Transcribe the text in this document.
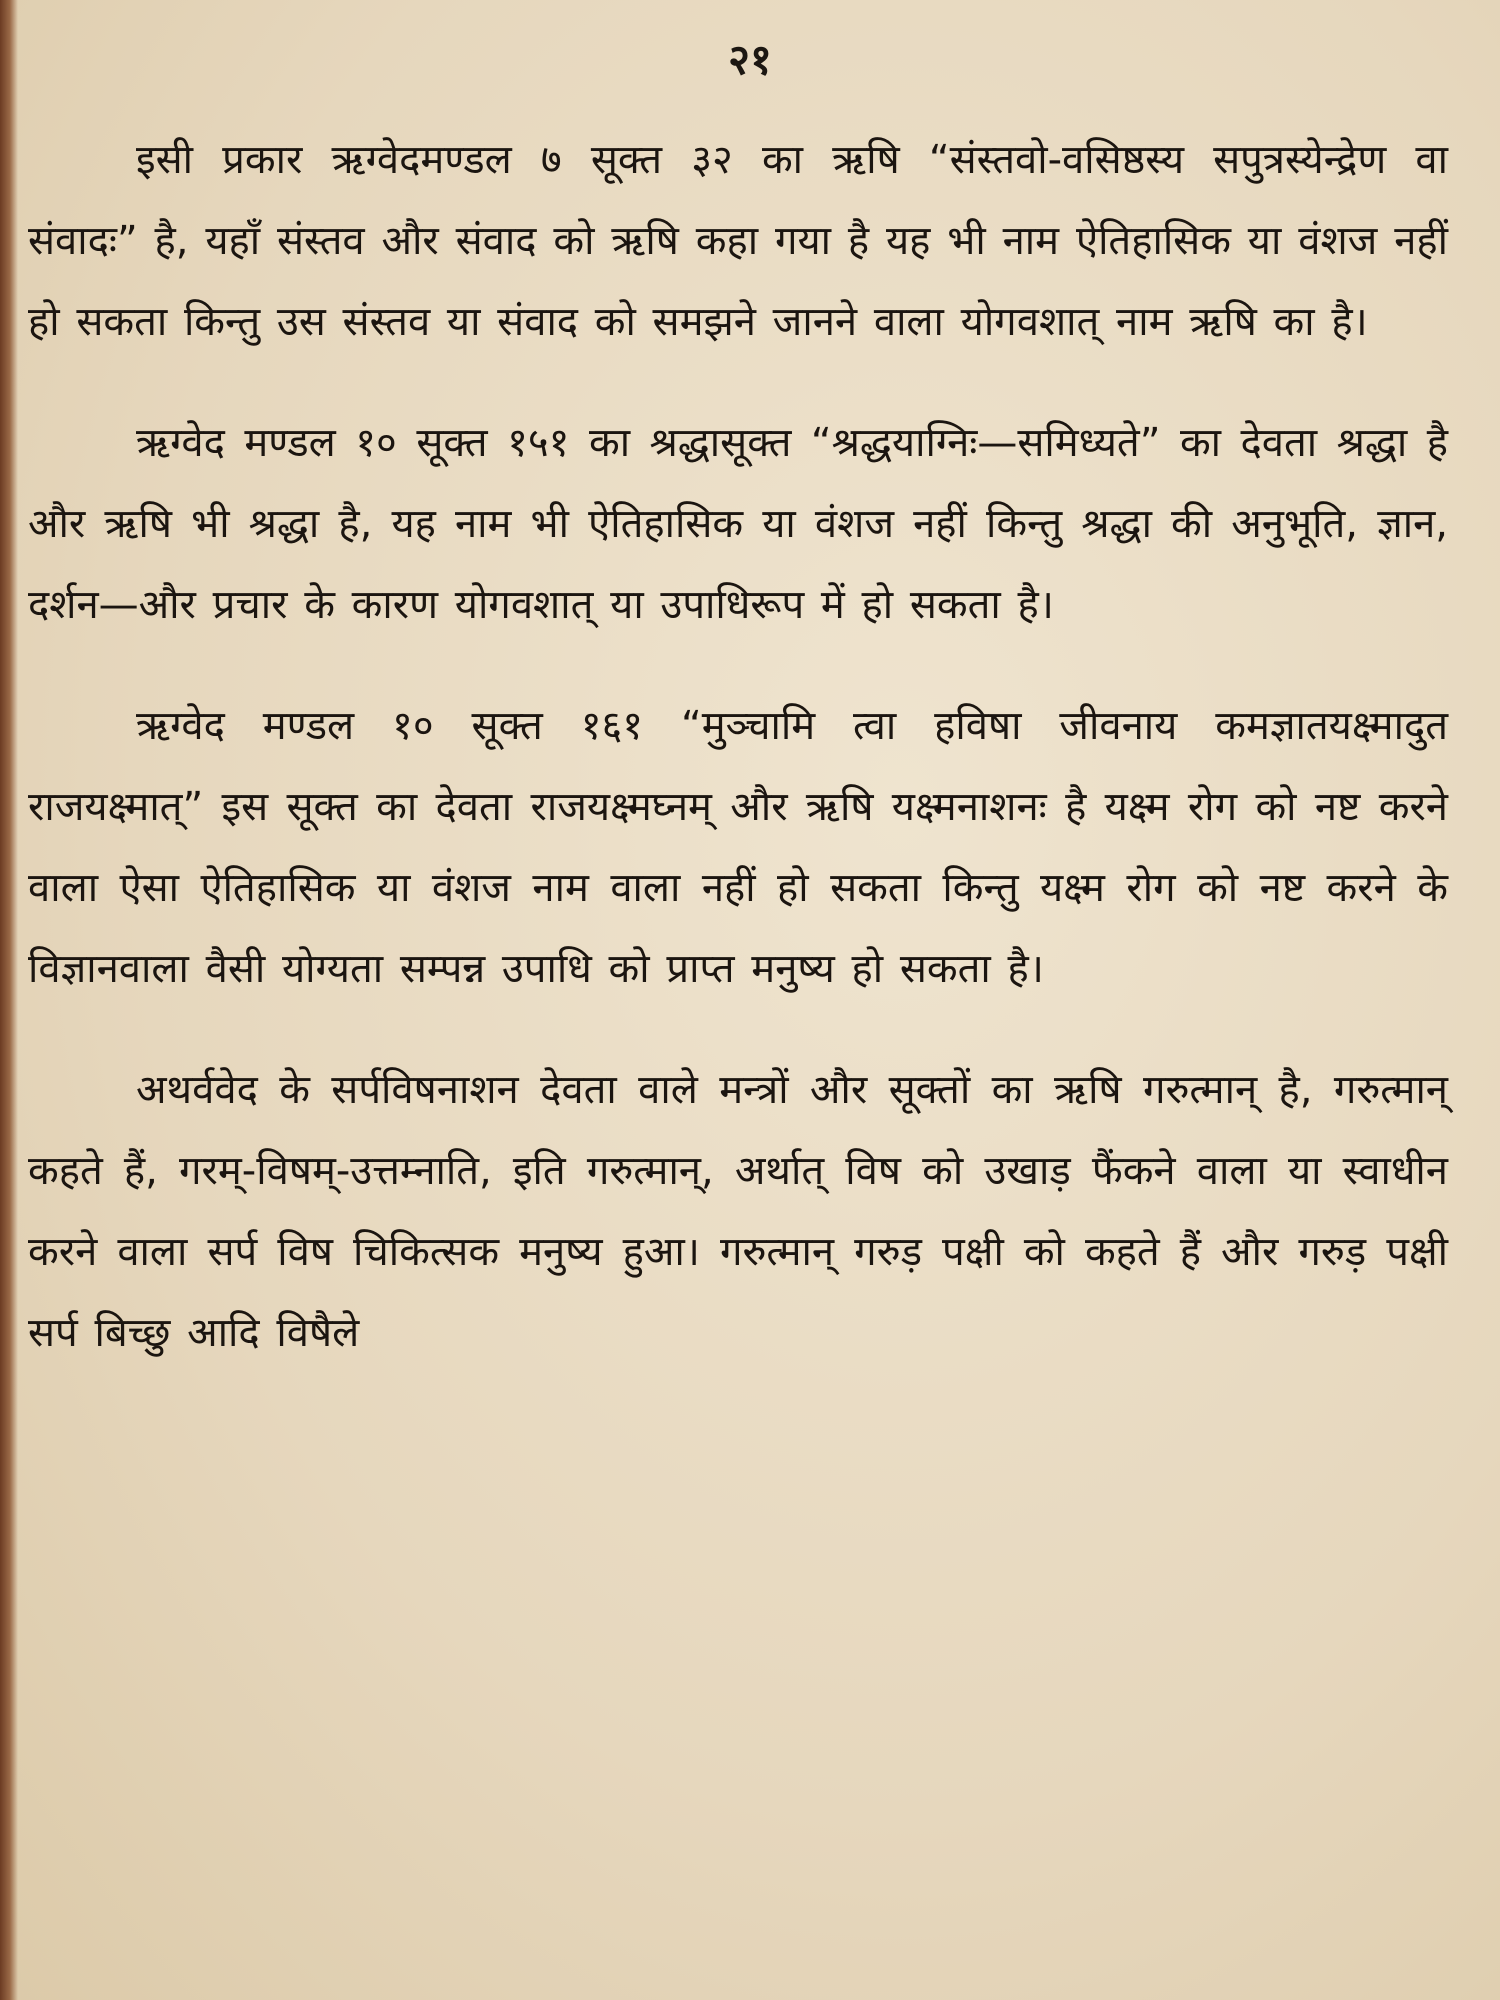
२१

इसी प्रकार ऋग्वेदमण्डल ७ सूक्त ३२ का ऋषि “संस्तवो-वसिष्ठस्य सपुत्रस्येन्द्रेण वा संवादः” है, यहाँ संस्तव और संवाद को ऋषि कहा गया है यह भी नाम ऐतिहासिक या वंशज नहीं हो सकता किन्तु उस संस्तव या संवाद को समझने जानने वाला योगवशात् नाम ऋषि का है।

ऋग्वेद मण्डल १० सूक्त १५१ का श्रद्धासूक्त “श्रद्धयाग्निः—समिध्यते” का देवता श्रद्धा है और ऋषि भी श्रद्धा है, यह नाम भी ऐतिहासिक या वंशज नहीं किन्तु श्रद्धा की अनुभूति, ज्ञान, दर्शन—और प्रचार के कारण योगवशात् या उपाधिरूप में हो सकता है।

ऋग्वेद मण्डल १० सूक्त १६१ “मुञ्चामि त्वा हविषा जीवनाय कमज्ञातयक्ष्मादुत राजयक्ष्मात्” इस सूक्त का देवता राजयक्ष्मघ्नम् और ऋषि यक्ष्मनाशनः है यक्ष्म रोग को नष्ट करने वाला ऐसा ऐतिहासिक या वंशज नाम वाला नहीं हो सकता किन्तु यक्ष्म रोग को नष्ट करने के विज्ञानवाला वैसी योग्यता सम्पन्न उपाधि को प्राप्त मनुष्य हो सकता है।

अथर्ववेद के सर्पविषनाशन देवता वाले मन्त्रों और सूक्तों का ऋषि गरुत्मान् है, गरुत्मान् कहते हैं, गरम्-विषम्-उत्तम्नाति, इति गरुत्मान्, अर्थात् विष को उखाड़ फैंकने वाला या स्वाधीन करने वाला सर्प विष चिकित्सक मनुष्य हुआ। गरुत्मान् गरुड़ पक्षी को कहते हैं और गरुड़ पक्षी सर्प बिच्छु आदि विषैले
